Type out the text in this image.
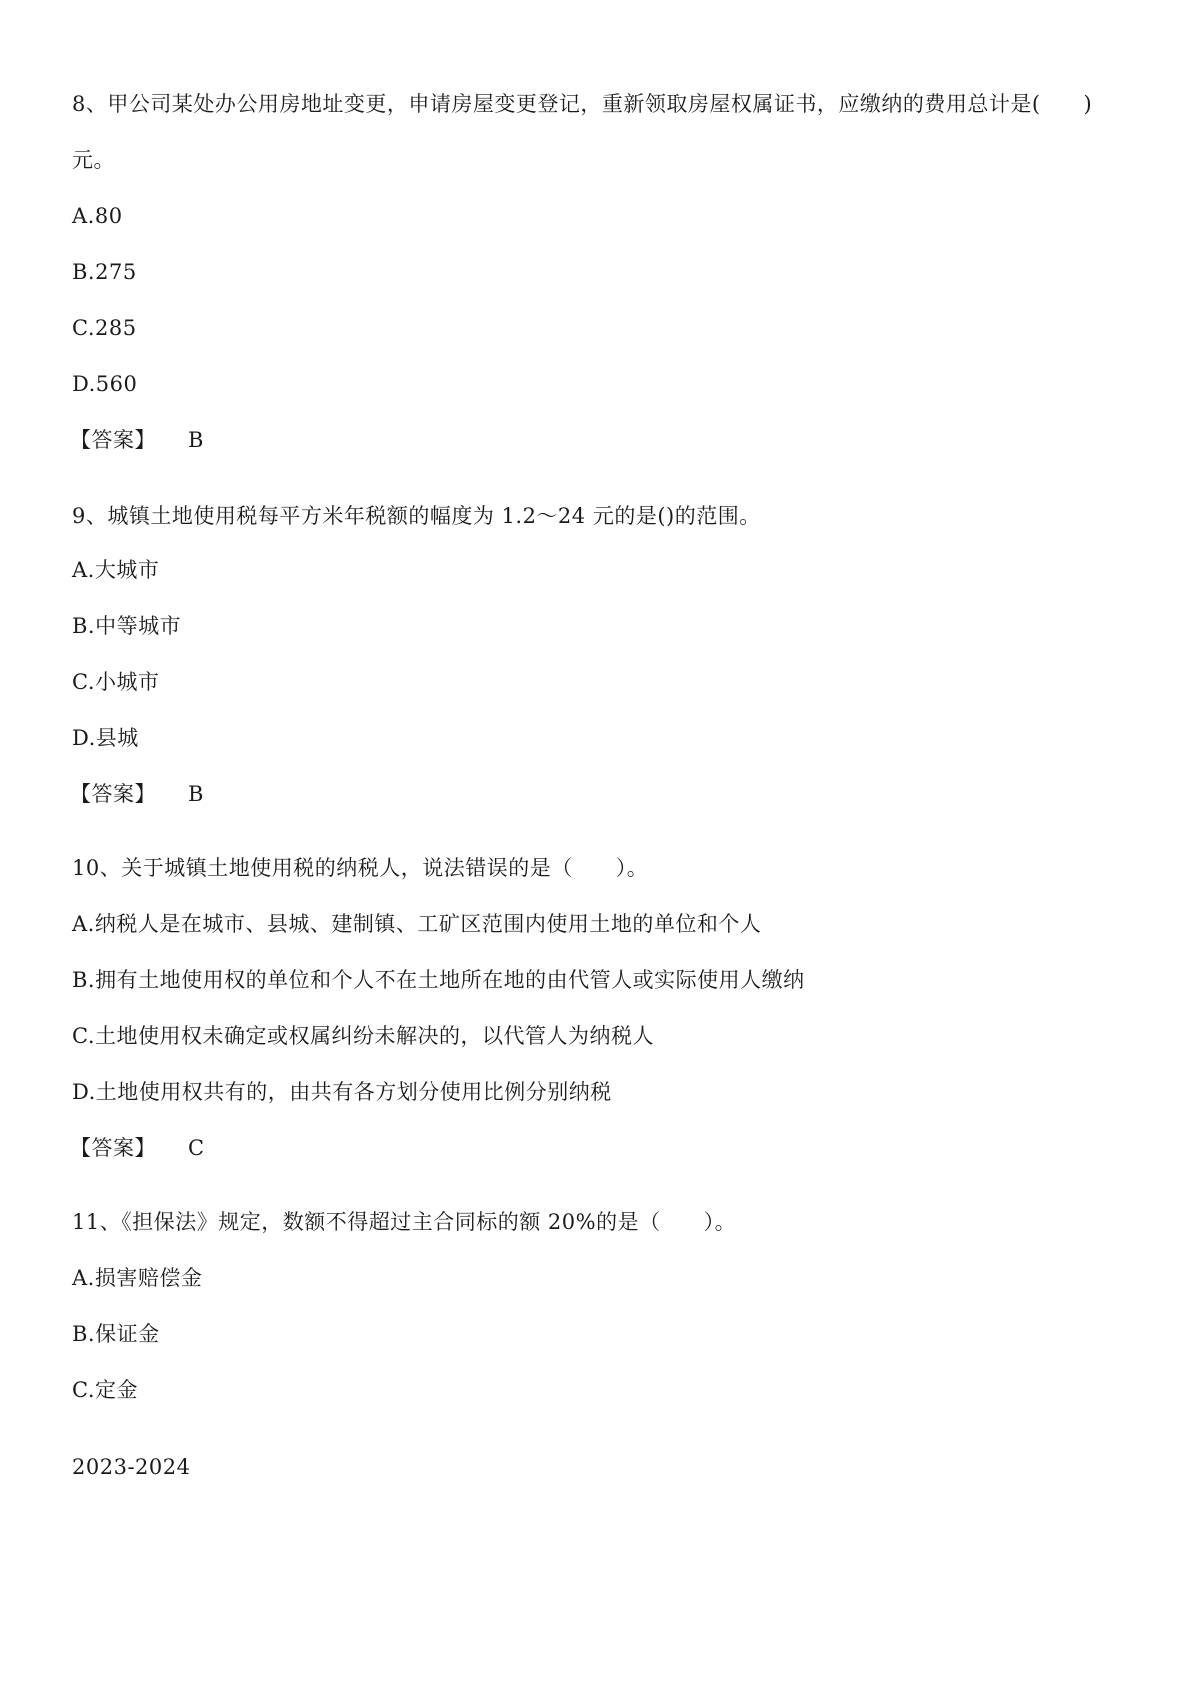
8、甲公司某处办公用房地址变更，申请房屋变更登记，重新领取房屋权属证书，应缴纳的费用总计是(　　)
元。
A.80
B.275
C.285
D.560
【答案】 B
9、城镇土地使用税每平方米年税额的幅度为 1.2～24 元的是()的范围。
A.大城市
B.中等城市
C.小城市
D.县城
【答案】 B
10、关于城镇土地使用税的纳税人，说法错误的是（　　）。
A.纳税人是在城市、县城、建制镇、工矿区范围内使用土地的单位和个人
B.拥有土地使用权的单位和个人不在土地所在地的由代管人或实际使用人缴纳
C.土地使用权未确定或权属纠纷未解决的，以代管人为纳税人
D.土地使用权共有的，由共有各方划分使用比例分别纳税
【答案】 C
11、《担保法》规定，数额不得超过主合同标的额 20%的是（　　）。
A.损害赔偿金
B.保证金
C.定金
2023-2024
